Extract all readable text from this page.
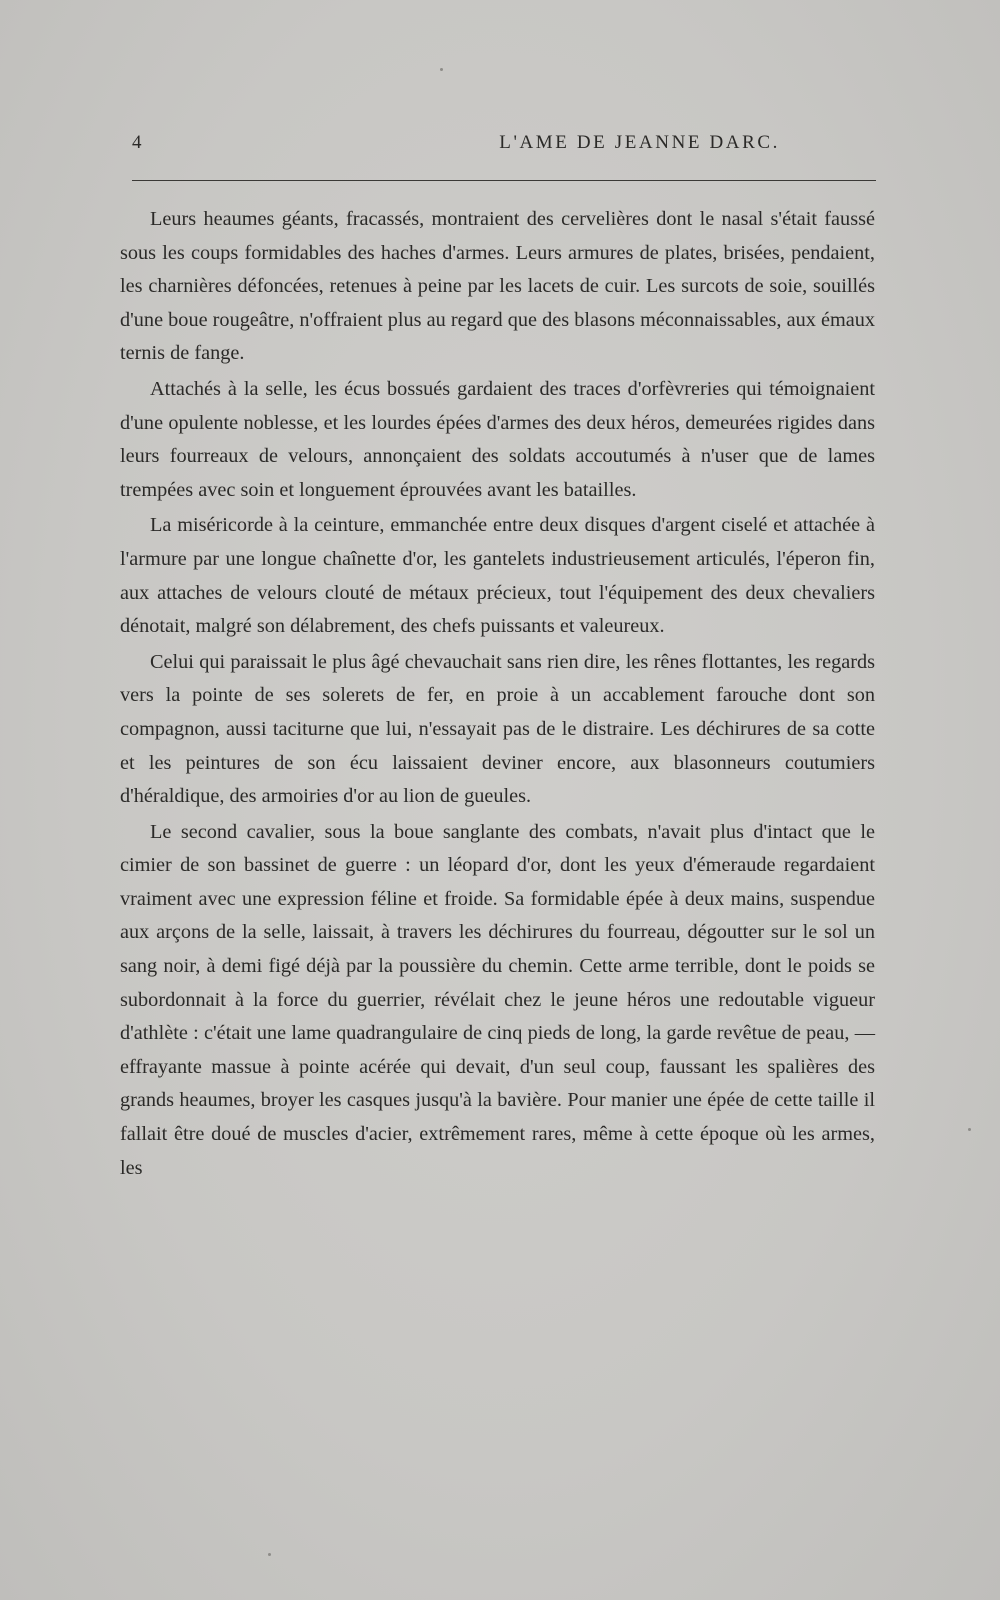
4	L'AME DE JEANNE DARC.

Leurs heaumes géants, fracassés, montraient des cervelières dont le nasal s'était faussé sous les coups formidables des haches d'armes. Leurs armures de plates, brisées, pendaient, les charnières défoncées, retenues à peine par les lacets de cuir. Les surcots de soie, souillés d'une boue rougeâtre, n'offraient plus au regard que des blasons méconnaissables, aux émaux ternis de fange.

Attachés à la selle, les écus bossués gardaient des traces d'orfèvreries qui témoignaient d'une opulente noblesse, et les lourdes épées d'armes des deux héros, demeurées rigides dans leurs fourreaux de velours, annonçaient des soldats accoutumés à n'user que de lames trempées avec soin et longuement éprouvées avant les batailles.

La miséricorde à la ceinture, emmanchée entre deux disques d'argent ciselé et attachée à l'armure par une longue chaînette d'or, les gantelets industrieusement articulés, l'éperon fin, aux attaches de velours clouté de métaux précieux, tout l'équipement des deux chevaliers dénotait, malgré son délabrement, des chefs puissants et valeureux.

Celui qui paraissait le plus âgé chevauchait sans rien dire, les rênes flottantes, les regards vers la pointe de ses solerets de fer, en proie à un accablement farouche dont son compagnon, aussi taciturne que lui, n'essayait pas de le distraire. Les déchirures de sa cotte et les peintures de son écu laissaient deviner encore, aux blasonneurs coutumiers d'héraldique, des armoiries d'or au lion de gueules.

Le second cavalier, sous la boue sanglante des combats, n'avait plus d'intact que le cimier de son bassinet de guerre : un léopard d'or, dont les yeux d'émeraude regardaient vraiment avec une expression féline et froide. Sa formidable épée à deux mains, suspendue aux arçons de la selle, laissait, à travers les déchirures du fourreau, dégoutter sur le sol un sang noir, à demi figé déjà par la poussière du chemin. Cette arme terrible, dont le poids se subordonnait à la force du guerrier, révélait chez le jeune héros une redoutable vigueur d'athlète : c'était une lame quadrangulaire de cinq pieds de long, la garde revêtue de peau, — effrayante massue à pointe acérée qui devait, d'un seul coup, faussant les spalières des grands heaumes, broyer les casques jusqu'à la bavière. Pour manier une épée de cette taille il fallait être doué de muscles d'acier, extrêmement rares, même à cette époque où les armes, les
